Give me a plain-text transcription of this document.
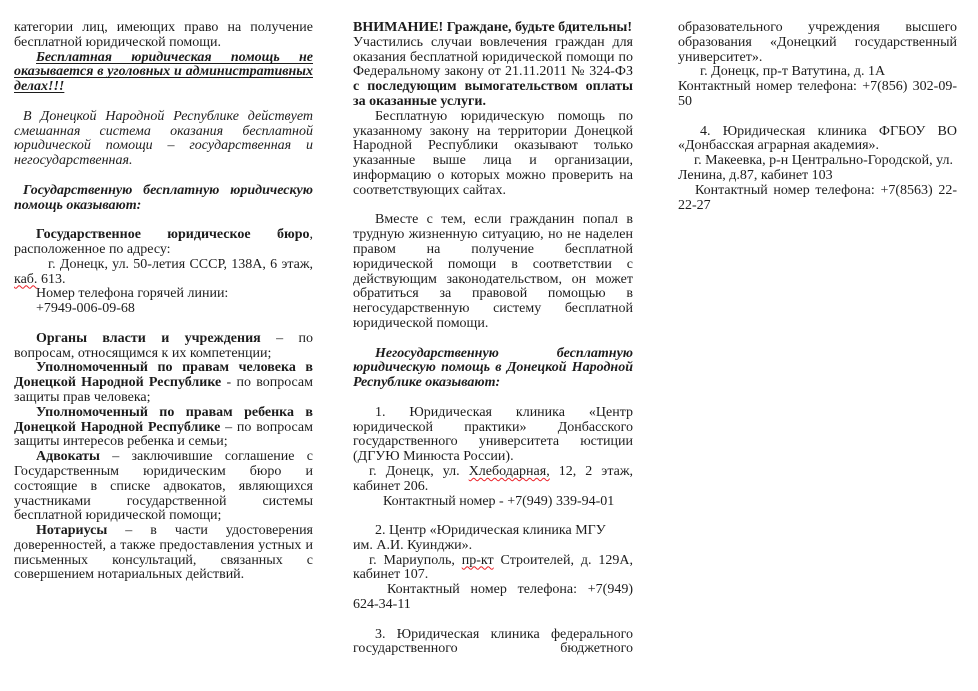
категории лиц, имеющих право на получение бесплатной юридической помощи.

Бесплатная юридическая помощь не оказывается в уголовных и административных делах!!!

В Донецкой Народной Республике действует смешанная система оказания бесплатной юридической помощи – государственная и негосударственная.

Государственную бесплатную юридическую помощь оказывают:

Государственное юридическое бюро, расположенное по адресу:

г. Донецк, ул. 50-летия СССР, 138А, 6 этаж, каб. 613.

Номер телефона горячей линии:

+7949-006-09-68

Органы власти и учреждения – по вопросам, относящимся к их компетенции;

Уполномоченный по правам человека в Донецкой Народной Республике - по вопросам защиты прав человека;

Уполномоченный по правам ребенка в Донецкой Народной Республике – по вопросам защиты интересов ребенка и семьи;

Адвокаты – заключившие соглашение с Государственным юридическим бюро и состоящие в списке адвокатов, являющихся участниками государственной системы бесплатной юридической помощи;

Нотариусы – в части удостоверения доверенностей, а также предоставления устных и письменных консультаций, связанных с совершением нотариальных действий.

ВНИМАНИЕ! Граждане, будьте бдительны!
Участились случаи вовлечения граждан для оказания бесплатной юридической помощи по Федеральному закону от 21.11.2011 № 324-ФЗ с последующим вымогательством оплаты за оказанные услуги.

Бесплатную юридическую помощь по указанному закону на территории Донецкой Народной Республики оказывают только указанные выше лица и организации, информацию о которых можно проверить на соответствующих сайтах.

Вместе с тем, если гражданин попал в трудную жизненную ситуацию, но не наделен правом на получение бесплатной юридической помощи в соответствии с действующим законодательством, он может обратиться за правовой помощью в негосударственную систему бесплатной юридической помощи.

Негосударственную бесплатную юридическую помощь в Донецкой Народной Республике оказывают:

1. Юридическая клиника «Центр юридической практики» Донбасского государственного университета юстиции (ДГУЮ Минюста России).

г. Донецк, ул. Хлебодарная, 12, 2 этаж, кабинет 206.

Контактный номер - +7(949) 339-94-01

2. Центр «Юридическая клиника МГУ
им. А.И. Куинджи».

г. Мариуполь, пр-кт Строителей, д. 129А, кабинет 107.

Контактный номер телефона: +7(949) 624-34-11

3. Юридическая клиника федерального государственного бюджетного

образовательного учреждения высшего образования «Донецкий государственный университет».

г. Донецк, пр-т Ватутина, д. 1А

Контактный номер телефона: +7(856) 302-09-50

4. Юридическая клиника ФГБОУ ВО «Донбасская аграрная академия».

г. Макеевка, р-н Центрально-Городской, ул. Ленина, д.87, кабинет 103

Контактный номер телефона: +7(8563) 22-22-27
